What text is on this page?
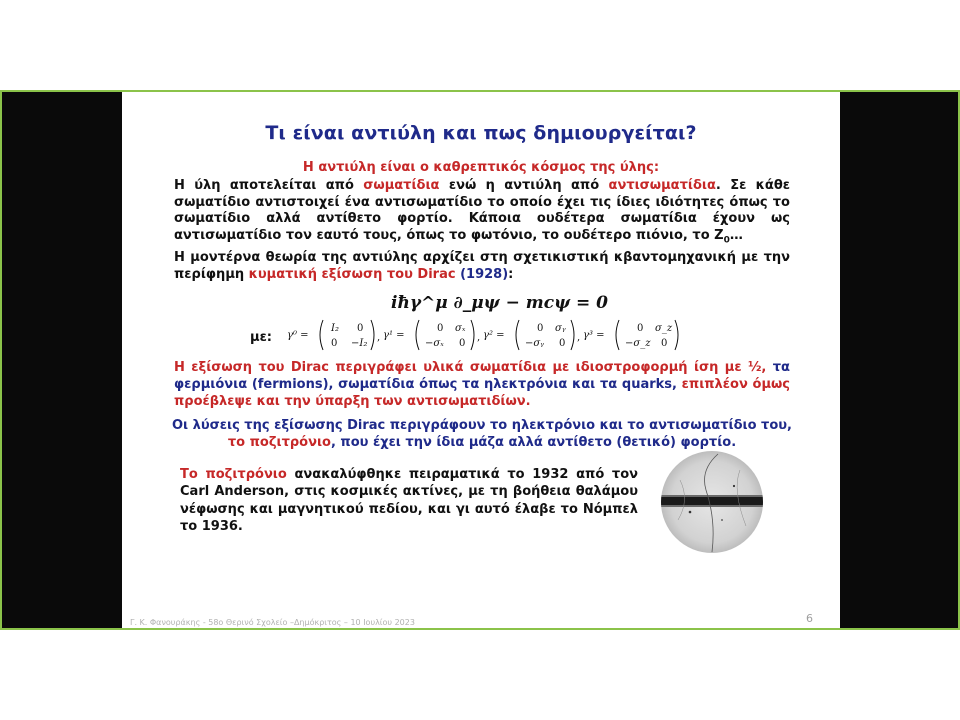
Τι είναι αντιύλη και πως δημιουργείται?
Η αντιύλη είναι ο καθρεπτικός κόσμος της ύλης:
Η ύλη αποτελείται από σωματίδια ενώ η αντιύλη από αντισωματίδια. Σε κάθε σωματίδιο αντιστοιχεί ένα αντισωματίδιο το οποίο έχει τις ίδιες ιδιότητες όπως το σωματίδιο αλλά αντίθετο φορτίο. Κάποια ουδέτερα σωματίδια έχουν ως αντισωματίδιο τον εαυτό τους, όπως το φωτόνιο, το ουδέτερο πιόνιο, το $Z_0\dots$
Η μοντέρνα θεωρία της αντιύλης αρχίζει στη σχετικιστική κβαντομηχανική με την περίφημη κυματική εξίσωση του Dirac (1928):
iħγ^μ ∂_μψ − mcψ = 0
με: γ⁰ =
I₂ 0
0 −I₂
, γ¹ =
0 σₓ
−σₓ 0
, γ² =
0 σᵧ
−σᵧ 0
, γ³ =
0 σ_z
−σ_z 0
Η εξίσωση του Dirac περιγράφει υλικά σωματίδια με ιδιοστροφορμή ίση με ½, τα φερμιόνια (fermions), σωματίδια όπως τα ηλεκτρόνια και τα quarks, επιπλέον όμως προέβλεψε και την ύπαρξη των αντισωματιδίων.
Οι λύσεις της εξίσωσης Dirac περιγράφουν το ηλεκτρόνιο και το αντισωματίδιο του, το ποζιτρόνιο, που έχει την ίδια μάζα αλλά αντίθετο (θετικό) φορτίο.
Το ποζιτρόνιο ανακαλύφθηκε πειραματικά το 1932 από τον Carl Anderson, στις κοσμικές ακτίνες, με τη βοήθεια θαλάμου νέφωσης και μαγνητικού πεδίου, και γι αυτό έλαβε το Νόμπελ το 1936.
Γ. Κ. Φανουράκης - 58ο Θερινό Σχολείο –Δημόκριτος – 10 Ιουλίου 2023	6
